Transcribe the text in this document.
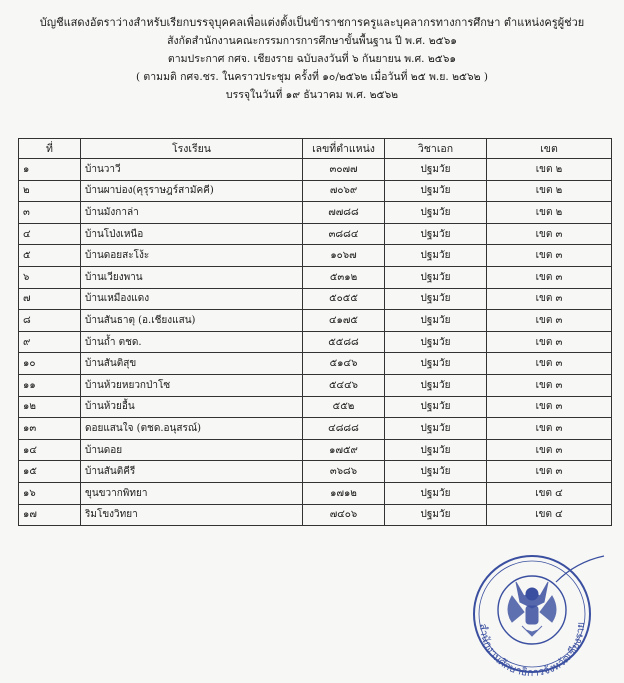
บัญชีแสดงอัตราว่างสำหรับเรียกบรรจุบุคคลเพื่อแต่งตั้งเป็นข้าราชการครูและบุคลากรทางการศึกษา ตำแหน่งครูผู้ช่วย
สังกัดสำนักงานคณะกรรมการการศึกษาขั้นพื้นฐาน ปี พ.ศ. ๒๕๖๑
ตามประกาศ กศจ. เชียงราย ฉบับลงวันที่ ๖ กันยายน พ.ศ. ๒๕๖๑
( ตามมติ กศจ.ชร. ในคราวประชุม ครั้งที่ ๑๐/๒๕๖๒ เมื่อวันที่ ๒๕ พ.ย. ๒๕๖๒ )
บรรจุในวันที่ ๑๙ ธันวาคม พ.ศ. ๒๕๖๒
ที่	โรงเรียน	เลขที่ตำแหน่ง	วิชาเอก	เขต
๑	บ้านวาวี	๓๐๗๗	ปฐมวัย	เขต ๒
๒	บ้านผาบ่อง(คุรุราษฎร์สามัคคี)	๗๐๖๙	ปฐมวัย	เขต ๒
๓	บ้านมังกาล่า	๗๗๘๘	ปฐมวัย	เขต ๒
๔	บ้านโป่งเหนือ	๓๘๘๔	ปฐมวัย	เขต ๓
๕	บ้านดอยสะโง้ะ	๑๐๖๗	ปฐมวัย	เขต ๓
๖	บ้านเวียงพาน	๕๓๑๒	ปฐมวัย	เขต ๓
๗	บ้านเหมืองแดง	๕๐๕๕	ปฐมวัย	เขต ๓
๘	บ้านสันธาตุ (อ.เชียงแสน)	๔๑๗๕	ปฐมวัย	เขต ๓
๙	บ้านถ้ำ ตชด.	๕๕๘๘	ปฐมวัย	เขต ๓
๑๐	บ้านสันติสุข	๕๑๔๖	ปฐมวัย	เขต ๓
๑๑	บ้านห้วยหยวกป่าโซ	๕๔๔๖	ปฐมวัย	เขต ๓
๑๒	บ้านห้วยอื้น	๕๕๒	ปฐมวัย	เขต ๓
๑๓	ดอยแสนใจ (ตชด.อนุสรณ์)	๔๘๘๘	ปฐมวัย	เขต ๓
๑๔	บ้านดอย	๑๗๕๙	ปฐมวัย	เขต ๓
๑๕	บ้านสันติคีรี	๓๖๘๖	ปฐมวัย	เขต ๓
๑๖	ขุนขวากพิทยา	๑๗๑๒	ปฐมวัย	เขต ๔
๑๗	ริมโขงวิทยา	๗๔๐๖	ปฐมวัย	เขต ๔
สำนักงานศึกษาธิการจังหวัดเชียงราย
